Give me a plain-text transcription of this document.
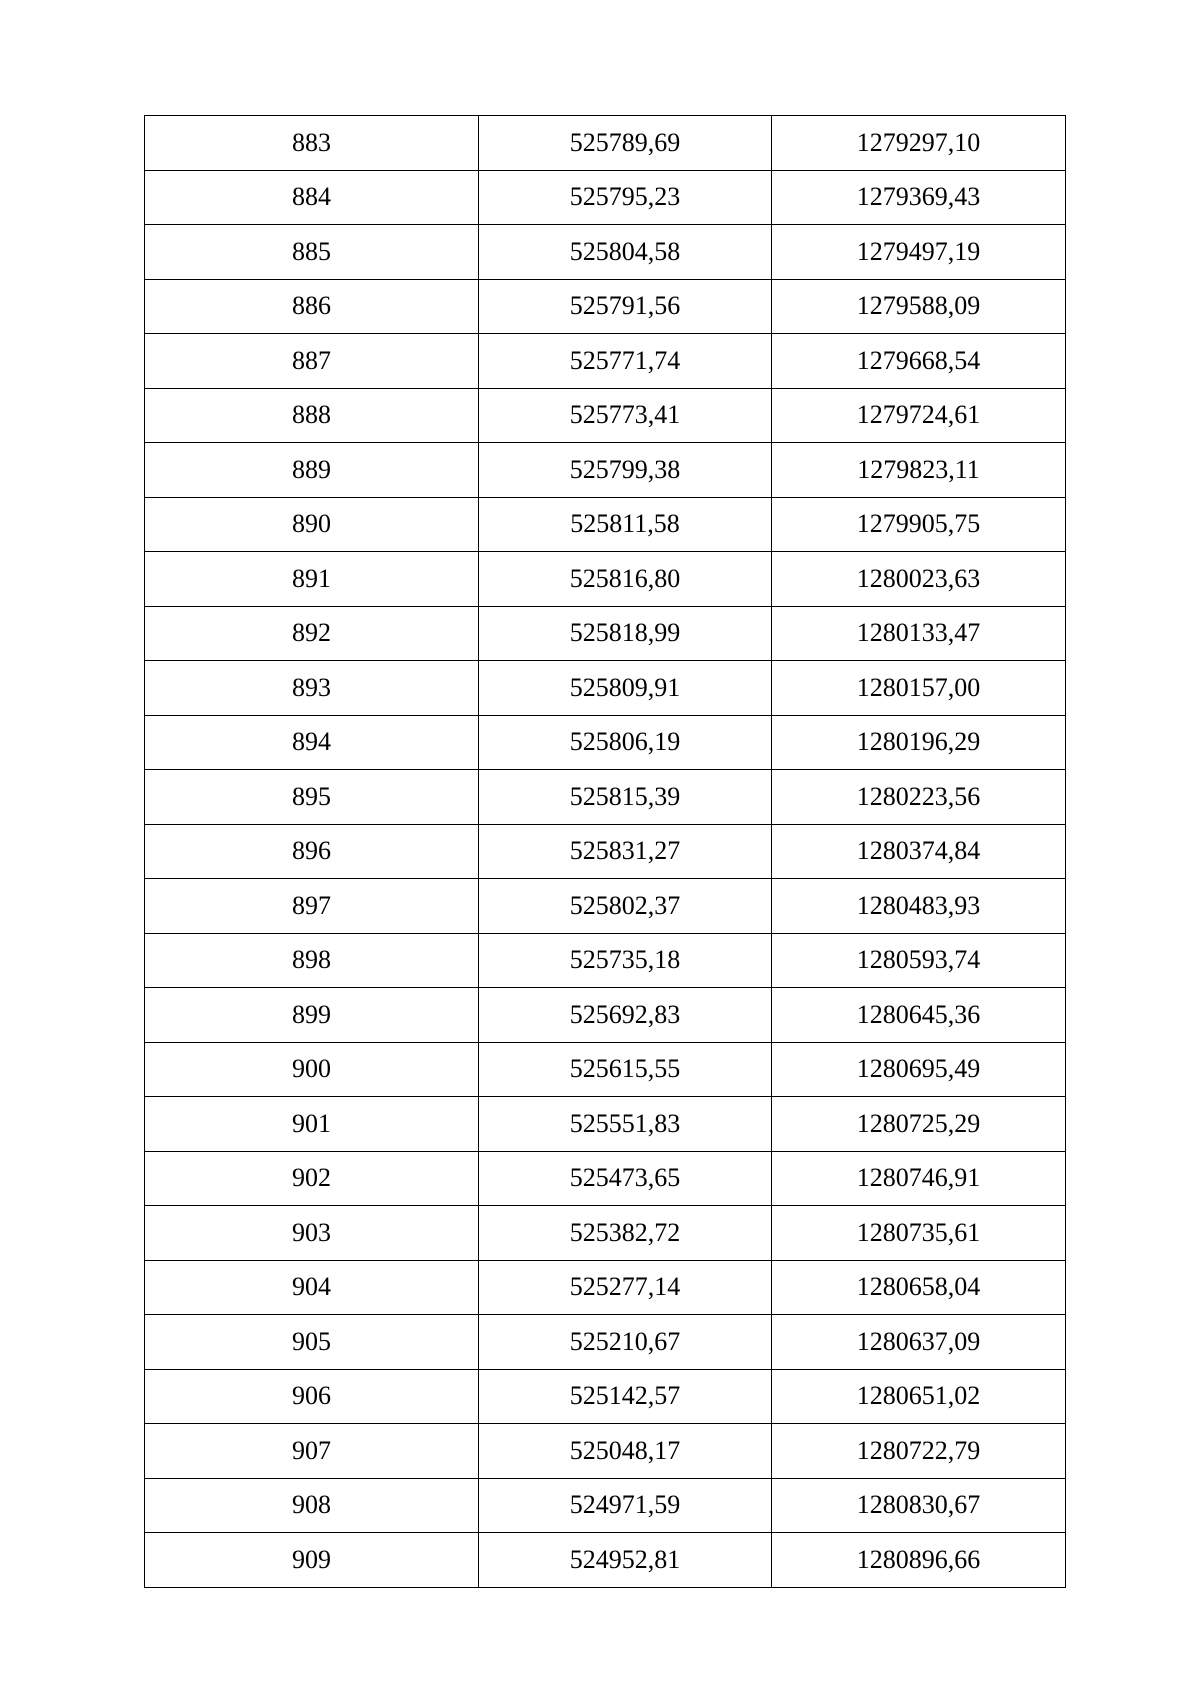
883	525789,69	1279297,10
884	525795,23	1279369,43
885	525804,58	1279497,19
886	525791,56	1279588,09
887	525771,74	1279668,54
888	525773,41	1279724,61
889	525799,38	1279823,11
890	525811,58	1279905,75
891	525816,80	1280023,63
892	525818,99	1280133,47
893	525809,91	1280157,00
894	525806,19	1280196,29
895	525815,39	1280223,56
896	525831,27	1280374,84
897	525802,37	1280483,93
898	525735,18	1280593,74
899	525692,83	1280645,36
900	525615,55	1280695,49
901	525551,83	1280725,29
902	525473,65	1280746,91
903	525382,72	1280735,61
904	525277,14	1280658,04
905	525210,67	1280637,09
906	525142,57	1280651,02
907	525048,17	1280722,79
908	524971,59	1280830,67
909	524952,81	1280896,66
